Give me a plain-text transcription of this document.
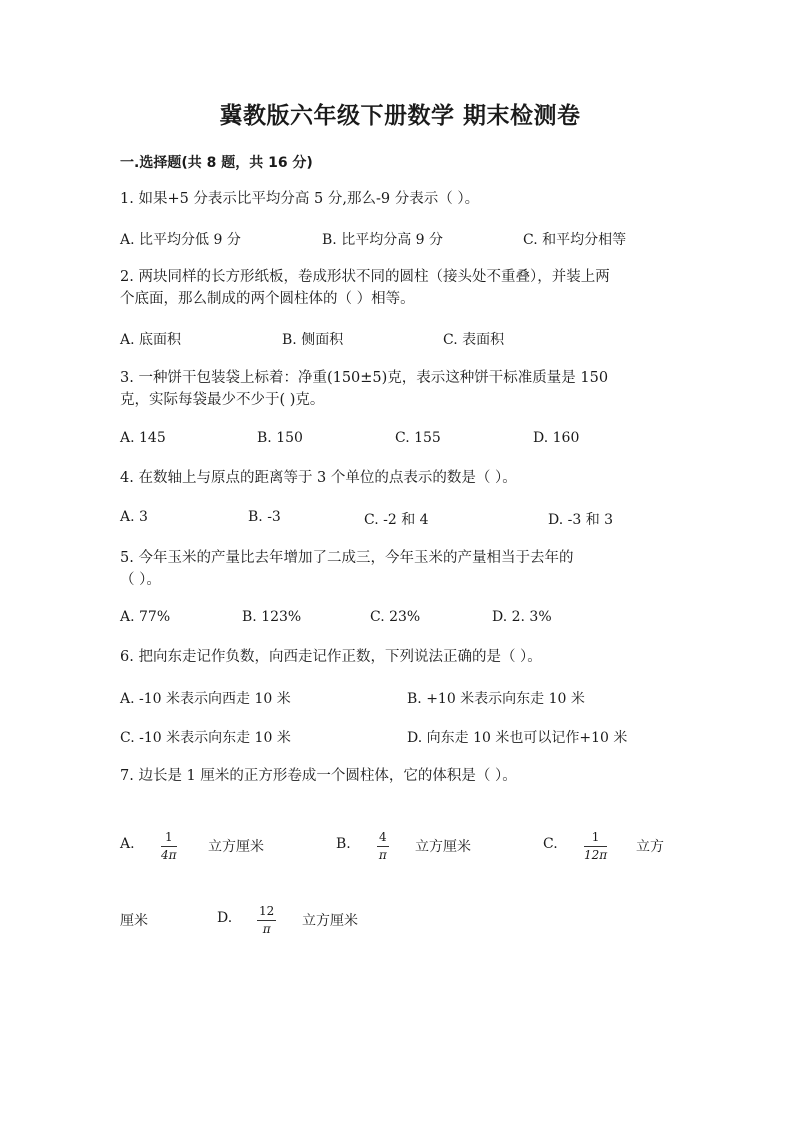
冀教版六年级下册数学 期末检测卷
一.选择题(共 8 题，共 16 分)
1. 如果+5 分表示比平均分高 5 分,那么-9 分表示（ ）。
A. 比平均分低 9 分	B. 比平均分高 9 分	C. 和平均分相等
2. 两块同样的长方形纸板，卷成形状不同的圆柱（接头处不重叠），并装上两
个底面，那么制成的两个圆柱体的（ ）相等。
A. 底面积	B. 侧面积	C. 表面积
3. 一种饼干包装袋上标着：净重(150±5)克，表示这种饼干标准质量是 150
克，实际每袋最少不少于( )克。
A. 145	B. 150	C. 155	D. 160
4. 在数轴上与原点的距离等于 3 个单位的点表示的数是（ ）。
A. 3	B. -3	C. -2 和 4	D. -3 和 3
5. 今年玉米的产量比去年增加了二成三，今年玉米的产量相当于去年的
（ ）。
A. 77%	B. 123%	C. 23%	D. 2. 3%
6. 把向东走记作负数，向西走记作正数，下列说法正确的是（ ）。
A. -10 米表示向西走 10 米	B. +10 米表示向东走 10 米
C. -10 米表示向东走 10 米	D. 向东走 10 米也可以记作+10 米
7. 边长是 1 厘米的正方形卷成一个圆柱体，它的体积是（ ）。
A.	1
4π 立方厘米	B. 4
π 立方厘米	C.	1
12π 立方
厘米	D. 12
π 立方厘米
